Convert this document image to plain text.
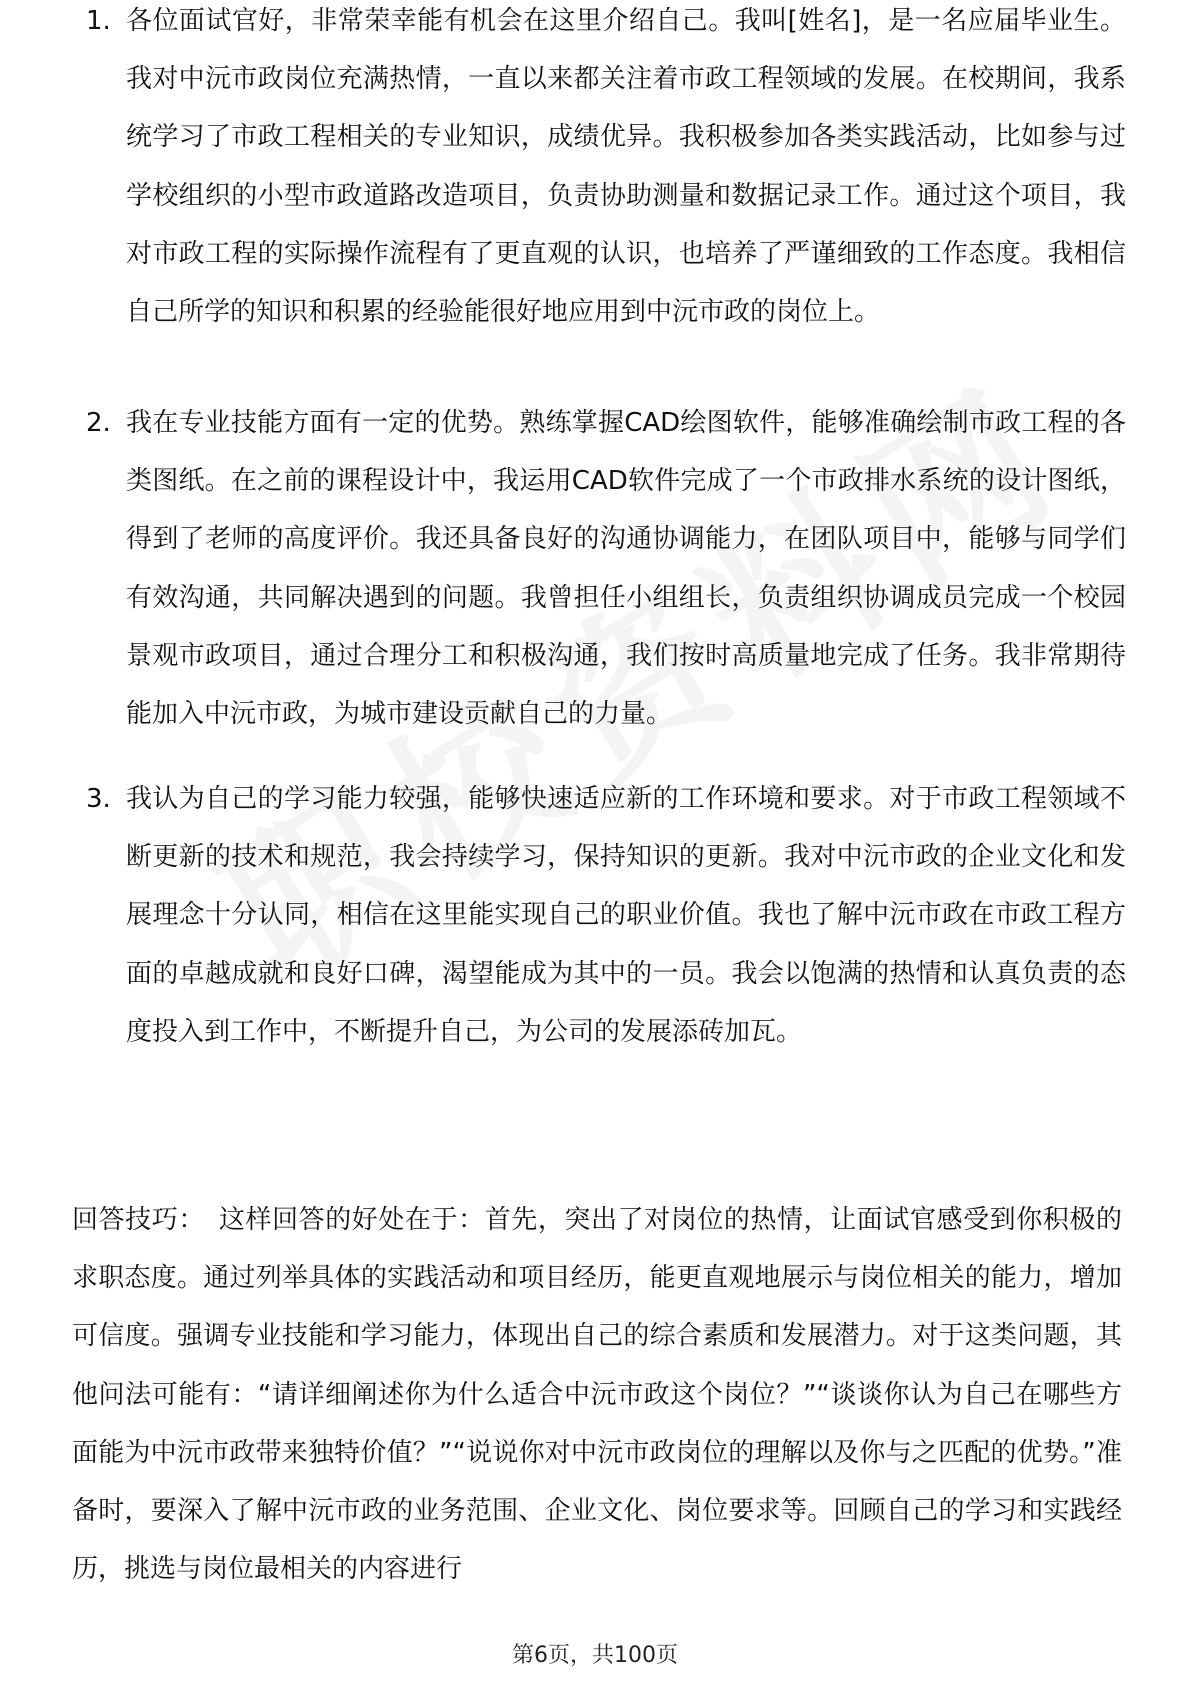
1. 各位面试官好，非常荣幸能有机会在这里介绍自己。我叫[姓名]，是一名应届毕业生。我对中沅市政岗位充满热情，一直以来都关注着市政工程领域的发展。在校期间，我系统学习了市政工程相关的专业知识，成绩优异。我积极参加各类实践活动，比如参与过学校组织的小型市政道路改造项目，负责协助测量和数据记录工作。通过这个项目，我对市政工程的实际操作流程有了更直观的认识，也培养了严谨细致的工作态度。我相信自己所学的知识和积累的经验能很好地应用到中沅市政的岗位上。
2. 我在专业技能方面有一定的优势。熟练掌握CAD绘图软件，能够准确绘制市政工程的各类图纸。在之前的课程设计中，我运用CAD软件完成了一个市政排水系统的设计图纸，得到了老师的高度评价。我还具备良好的沟通协调能力，在团队项目中，能够与同学们有效沟通，共同解决遇到的问题。我曾担任小组组长，负责组织协调成员完成一个校园景观市政项目，通过合理分工和积极沟通，我们按时高质量地完成了任务。我非常期待能加入中沅市政，为城市建设贡献自己的力量。
3. 我认为自己的学习能力较强，能够快速适应新的工作环境和要求。对于市政工程领域不断更新的技术和规范，我会持续学习，保持知识的更新。我对中沅市政的企业文化和发展理念十分认同，相信在这里能实现自己的职业价值。我也了解中沅市政在市政工程方面的卓越成就和良好口碑，渴望能成为其中的一员。我会以饱满的热情和认真负责的态度投入到工作中，不断提升自己，为公司的发展添砖加瓦。
回答技巧： 这样回答的好处在于：首先，突出了对岗位的热情，让面试官感受到你积极的求职态度。通过列举具体的实践活动和项目经历，能更直观地展示与岗位相关的能力，增加可信度。强调专业技能和学习能力，体现出自己的综合素质和发展潜力。对于这类问题，其他问法可能有：“请详细阐述你为什么适合中沅市政这个岗位？”“谈谈你认为自己在哪些方面能为中沅市政带来独特价值？”“说说你对中沅市政岗位的理解以及你与之匹配的优势。”准备时，要深入了解中沅市政的业务范围、企业文化、岗位要求等。回顾自己的学习和实践经历，挑选与岗位最相关的内容进行
第6页，共100页
